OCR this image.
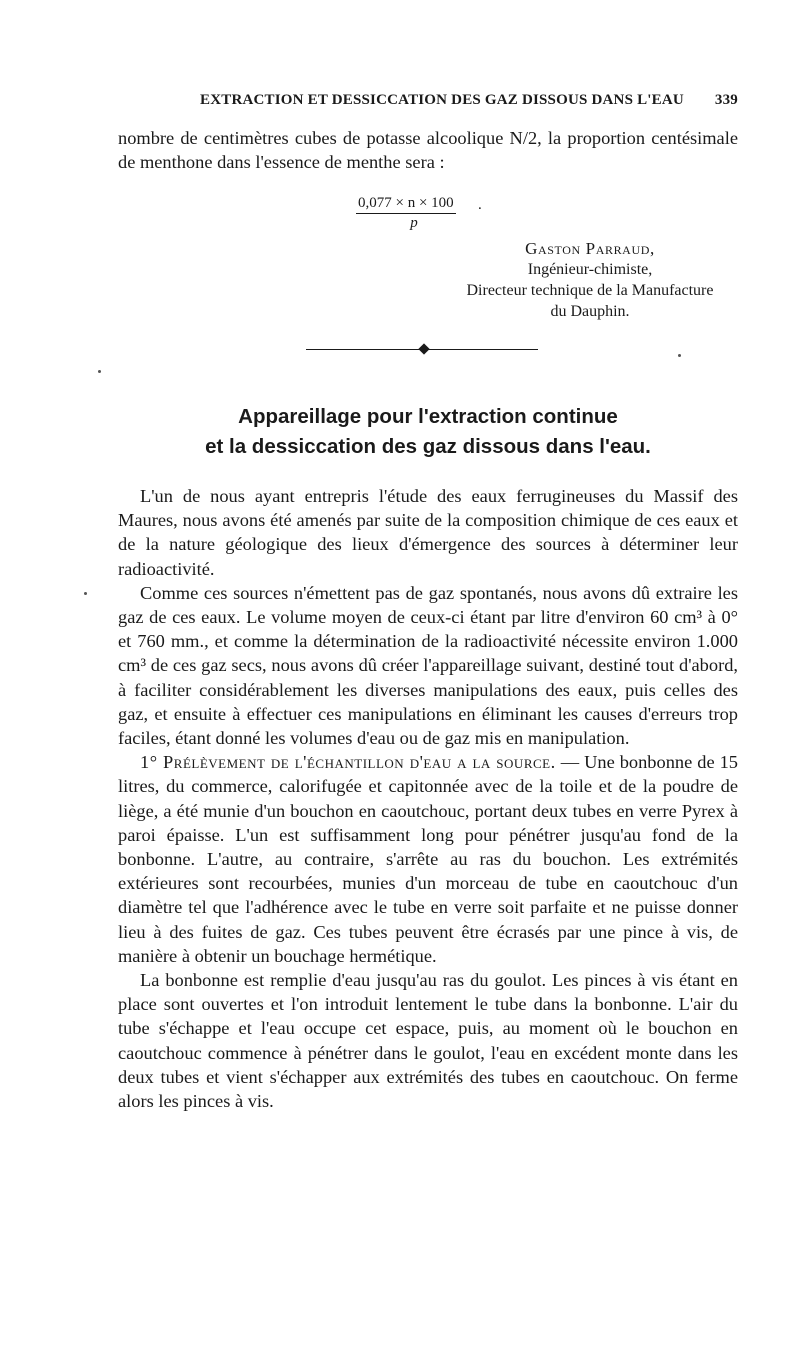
EXTRACTION ET DESSICCATION DES GAZ DISSOUS DANS L'EAU 339

nombre de centimètres cubes de potasse alcoolique N/2, la proportion centésimale de menthone dans l'essence de menthe sera :

0,077 × n × 100 .
p
Gaston Parraud,
Ingénieur-chimiste,
Directeur technique de la Manufacture
du Dauphin.
Appareillage pour l'extraction continue
et la dessiccation des gaz dissous dans l'eau.

L'un de nous ayant entrepris l'étude des eaux ferrugineuses du Massif des Maures, nous avons été amenés par suite de la composition chimique de ces eaux et de la nature géologique des lieux d'émergence des sources à déterminer leur radioactivité.

Comme ces sources n'émettent pas de gaz spontanés, nous avons dû extraire les gaz de ces eaux. Le volume moyen de ceux-ci étant par litre d'environ 60 cm³ à 0° et 760 mm., et comme la détermination de la radioactivité nécessite environ 1.000 cm³ de ces gaz secs, nous avons dû créer l'appareillage suivant, destiné tout d'abord, à faciliter considérablement les diverses manipulations des eaux, puis celles des gaz, et ensuite à effectuer ces manipulations en éliminant les causes d'erreurs trop faciles, étant donné les volumes d'eau ou de gaz mis en manipulation.

1° Prélèvement de l'échantillon d'eau a la source. — Une bonbonne de 15 litres, du commerce, calorifugée et capitonnée avec de la toile et de la poudre de liège, a été munie d'un bouchon en caoutchouc, portant deux tubes en verre Pyrex à paroi épaisse. L'un est suffisamment long pour pénétrer jusqu'au fond de la bonbonne. L'autre, au contraire, s'arrête au ras du bouchon. Les extrémités extérieures sont recourbées, munies d'un morceau de tube en caoutchouc d'un diamètre tel que l'adhérence avec le tube en verre soit parfaite et ne puisse donner lieu à des fuites de gaz. Ces tubes peuvent être écrasés par une pince à vis, de manière à obtenir un bouchage hermétique.

La bonbonne est remplie d'eau jusqu'au ras du goulot. Les pinces à vis étant en place sont ouvertes et l'on introduit lentement le tube dans la bonbonne. L'air du tube s'échappe et l'eau occupe cet espace, puis, au moment où le bouchon en caoutchouc commence à pénétrer dans le goulot, l'eau en excédent monte dans les deux tubes et vient s'échapper aux extrémités des tubes en caoutchouc. On ferme alors les pinces à vis.
